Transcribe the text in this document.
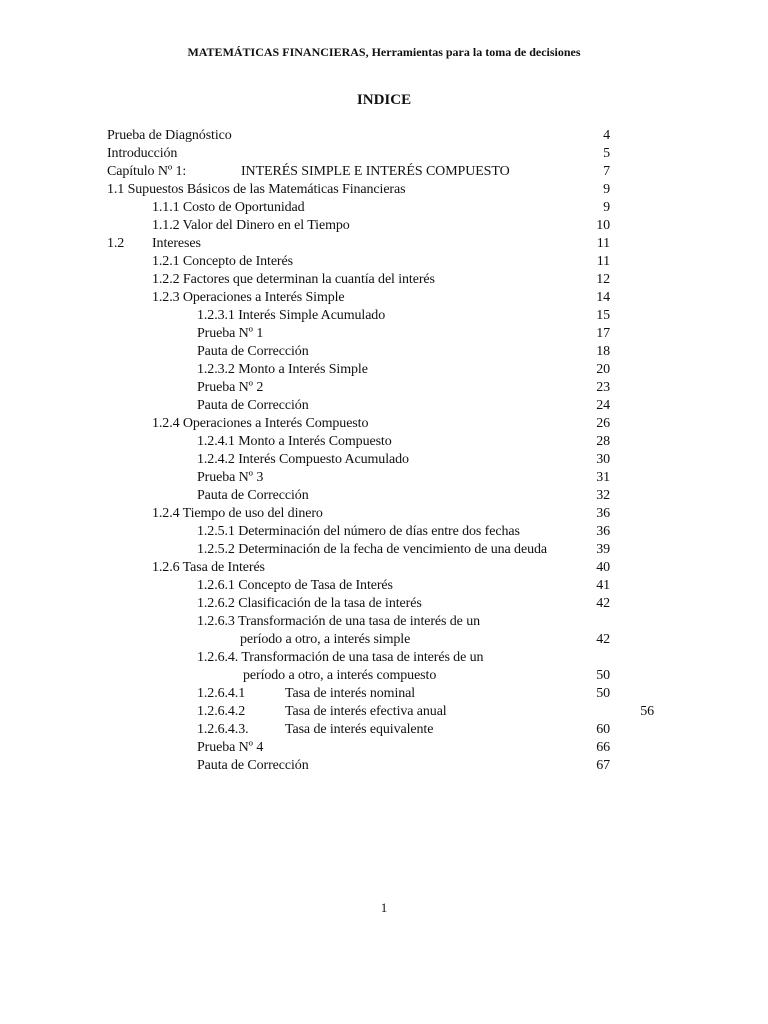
MATEMÁTICAS FINANCIERAS, Herramientas para la toma de decisiones
INDICE
Prueba de Diagnóstico	4
Introducción	5
Capítulo Nº 1:	INTERÉS SIMPLE E INTERÉS COMPUESTO	7
1.1 Supuestos Básicos de las Matemáticas Financieras	9
1.1.1 Costo de Oportunidad	9
1.1.2 Valor del Dinero en el Tiempo	10
1.2 Intereses	11
1.2.1 Concepto de Interés	11
1.2.2 Factores que determinan la cuantía del interés	12
1.2.3 Operaciones a Interés Simple	14
1.2.3.1 Interés Simple Acumulado	15
Prueba Nº 1	17
Pauta de Corrección	18
1.2.3.2 Monto a Interés Simple	20
Prueba Nº 2	23
Pauta de Corrección	24
1.2.4 Operaciones a Interés Compuesto	26
1.2.4.1 Monto a Interés Compuesto	28
1.2.4.2 Interés Compuesto Acumulado	30
Prueba Nº 3	31
Pauta de Corrección	32
1.2.4 Tiempo de uso del dinero	36
1.2.5.1 Determinación del número de días entre dos fechas	36
1.2.5.2 Determinación de la fecha de vencimiento de una deuda	39
1.2.6 Tasa de Interés	40
1.2.6.1 Concepto de Tasa de Interés	41
1.2.6.2 Clasificación de la tasa de interés	42
1.2.6.3 Transformación de una tasa de interés de un
período a otro, a interés simple	42
1.2.6.4. Transformación de una tasa de interés de un
período a otro, a interés compuesto	50
1.2.6.4.1	Tasa de interés nominal	50
1.2.6.4.2	Tasa de interés efectiva anual	56
1.2.6.4.3.	Tasa de interés equivalente	60
Prueba Nº 4	66
Pauta de Corrección	67
1
